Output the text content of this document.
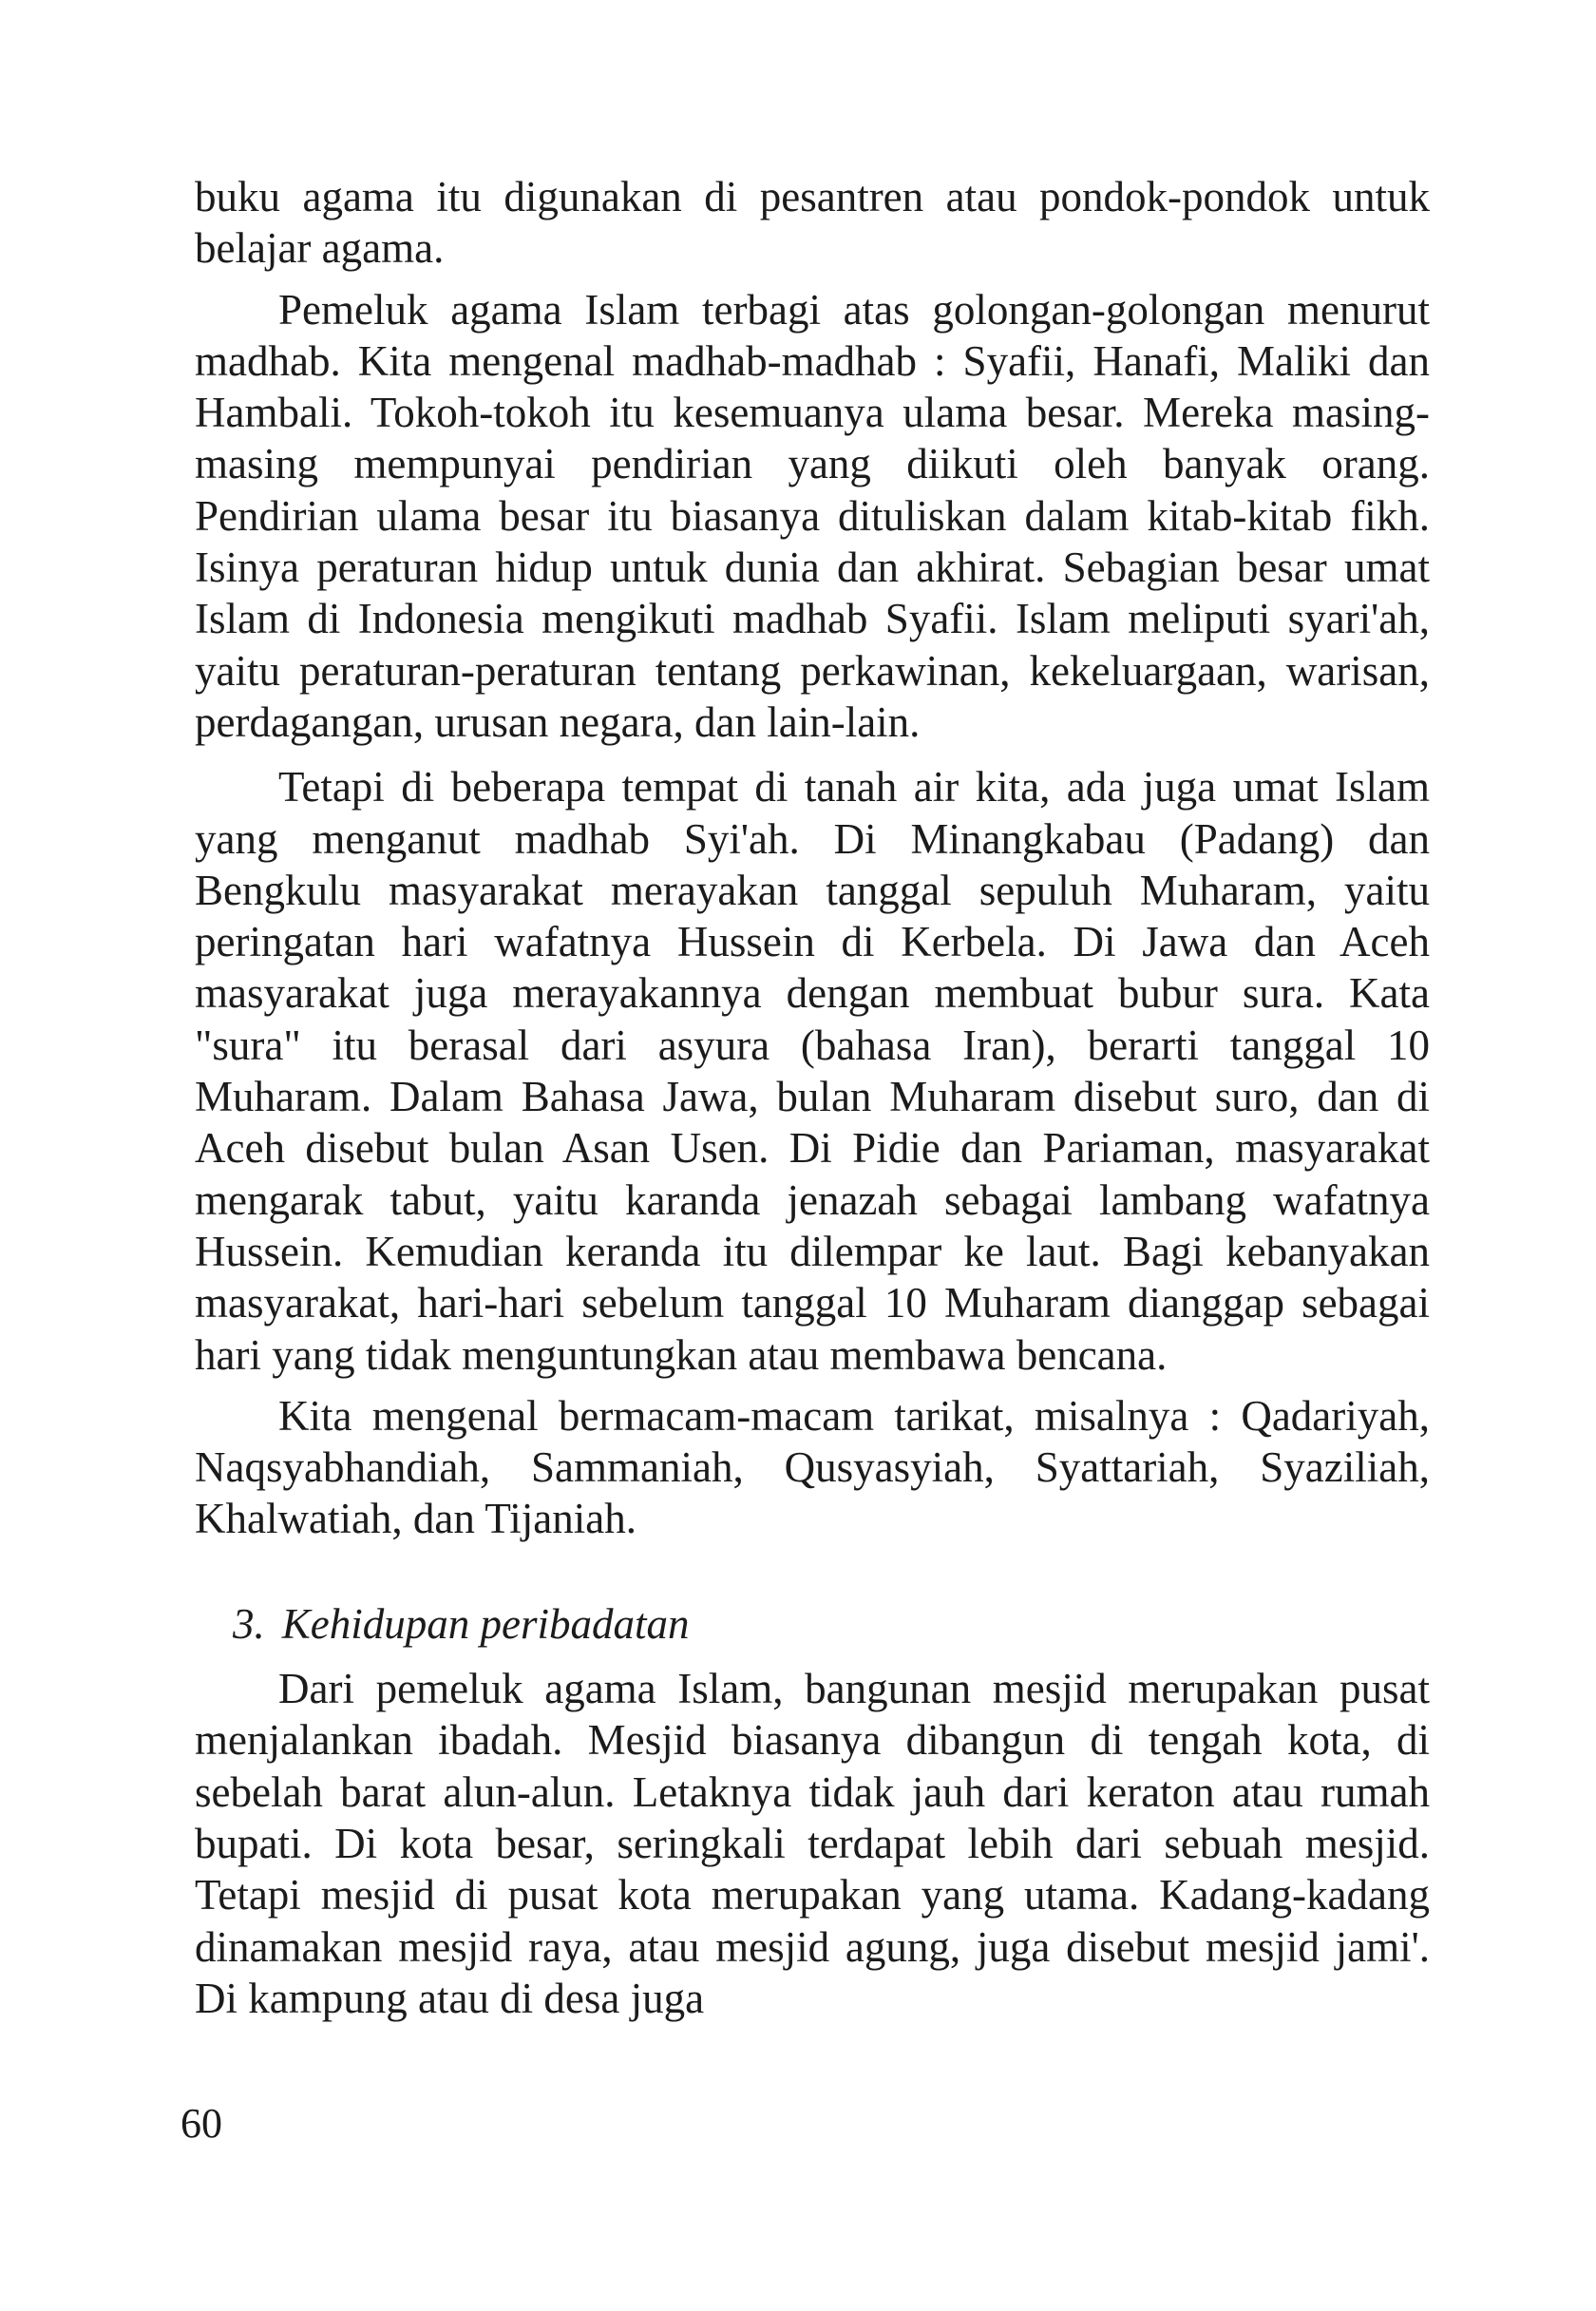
buku agama itu digunakan di pesantren atau pondok-pondok untuk belajar agama.

Pemeluk agama Islam terbagi atas golongan-golongan menurut madhab. Kita mengenal madhab-madhab : Syafii, Hanafi, Maliki dan Hambali. Tokoh-tokoh itu kesemuanya ulama besar. Mereka masing-masing mempunyai pendirian yang diikuti oleh banyak orang. Pendirian ulama besar itu biasanya dituliskan dalam kitab-kitab fikh. Isinya peraturan hidup untuk dunia dan akhirat. Sebagian besar umat Islam di Indonesia mengikuti madhab Syafii. Islam meliputi syari'ah, yaitu peraturan-peraturan tentang perkawinan, kekeluargaan, warisan, perdagangan, urusan negara, dan lain-lain.

Tetapi di beberapa tempat di tanah air kita, ada juga umat Islam yang menganut madhab Syi'ah. Di Minangkabau (Padang) dan Bengkulu masyarakat merayakan tanggal sepuluh Muharam, yaitu peringatan hari wafatnya Hussein di Kerbela. Di Jawa dan Aceh masyarakat juga merayakannya dengan membuat bubur sura. Kata "sura" itu berasal dari asyura (bahasa Iran), berarti tanggal 10 Muharam. Dalam Bahasa Jawa, bulan Muharam disebut suro, dan di Aceh disebut bulan Asan Usen. Di Pidie dan Pariaman, masyarakat mengarak tabut, yaitu karanda jenazah sebagai lambang wafatnya Hussein. Kemudian keranda itu dilempar ke laut. Bagi kebanyakan masyarakat, hari-hari sebelum tanggal 10 Muharam dianggap sebagai hari yang tidak menguntungkan atau membawa bencana.

Kita mengenal bermacam-macam tarikat, misalnya : Qadariyah, Naqsyabhandiah, Sammaniah, Qusyasyiah, Syattariah, Syaziliah, Khalwatiah, dan Tijaniah.

3. Kehidupan peribadatan

Dari pemeluk agama Islam, bangunan mesjid merupakan pusat menjalankan ibadah. Mesjid biasanya dibangun di tengah kota, di sebelah barat alun-alun. Letaknya tidak jauh dari keraton atau rumah bupati. Di kota besar, seringkali terdapat lebih dari sebuah mesjid. Tetapi mesjid di pusat kota merupakan yang utama. Kadang-kadang dinamakan mesjid raya, atau mesjid agung, juga disebut mesjid jami'. Di kampung atau di desa juga

60
